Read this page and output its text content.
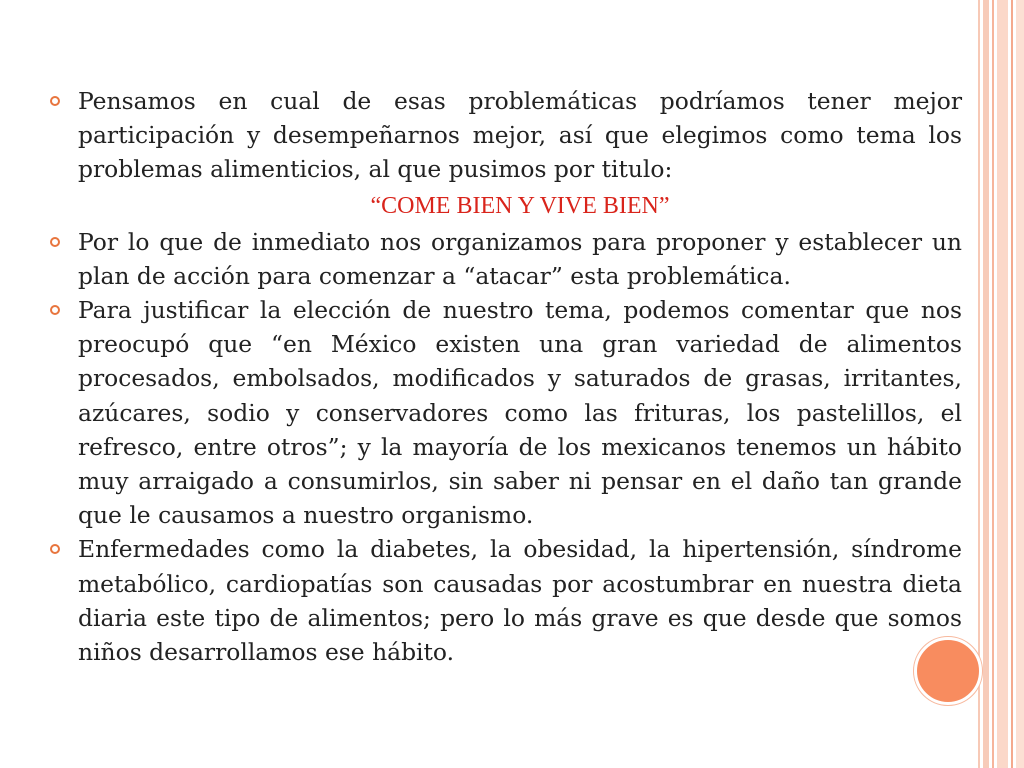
Pensamos en cual de esas problemáticas podríamos tener mejor participación y desempeñarnos mejor, así que elegimos como tema los problemas alimenticios, al que pusimos por titulo:

“COME BIEN Y VIVE BIEN”

Por lo que de inmediato nos organizamos para proponer y establecer un plan de acción para comenzar a “atacar” esta problemática.

Para justificar la elección de nuestro tema, podemos comentar que nos preocupó que “en México existen una gran variedad de alimentos procesados, embolsados, modificados y saturados de grasas, irritantes, azúcares, sodio y conservadores como las frituras, los pastelillos, el refresco, entre otros”; y la mayoría de los mexicanos tenemos un hábito muy arraigado a consumirlos, sin saber ni pensar en el daño tan grande que le causamos a nuestro organismo.

Enfermedades como la diabetes, la obesidad, la hipertensión, síndrome metabólico, cardiopatías son causadas por acostumbrar en nuestra dieta diaria este tipo de alimentos; pero lo más grave es que desde que somos niños desarrollamos ese hábito.
